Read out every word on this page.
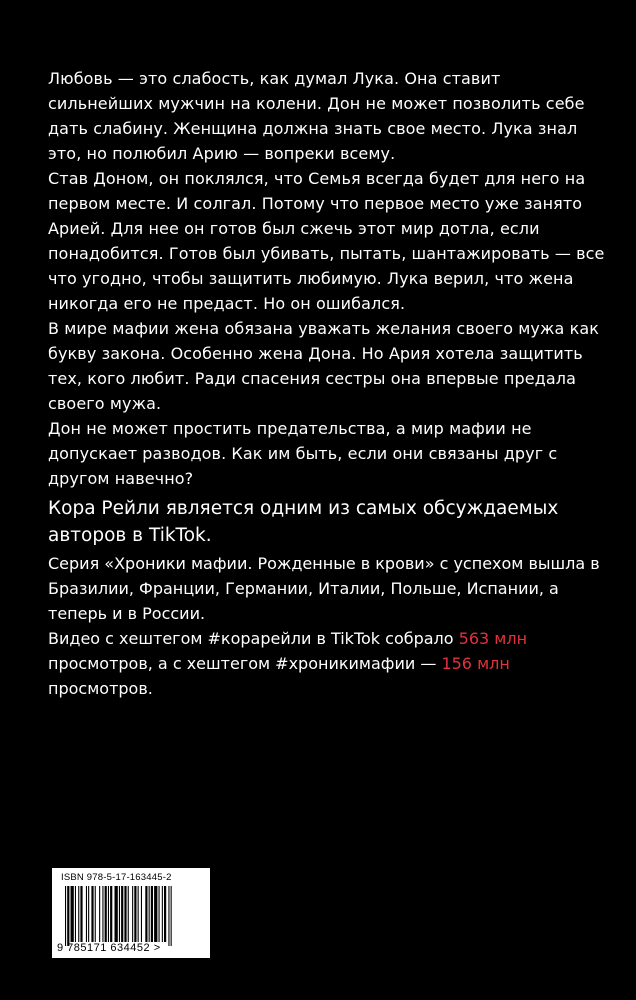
Любовь — это слабость, как думал Лука. Она ставит сильнейших мужчин на колени. Дон не может позволить себе дать слабину. Женщина должна знать свое место. Лука знал это, но полюбил Арию — вопреки всему.

Став Доном, он поклялся, что Семья всегда будет для него на первом месте. И солгал. Потому что первое место уже занято Арией. Для нее он готов был сжечь этот мир дотла, если понадобится. Готов был убивать, пытать, шантажировать — все что угодно, чтобы защитить любимую. Лука верил, что жена никогда его не предаст. Но он ошибался.

В мире мафии жена обязана уважать желания своего мужа как букву закона. Особенно жена Дона. Но Ария хотела защитить тех, кого любит. Ради спасения сестры она впервые предала своего мужа.

Дон не может простить предательства, а мир мафии не допускает разводов. Как им быть, если они связаны друг с другом навечно?

Кора Рейли является одним из самых обсуждаемых авторов в TikTok.

Серия «Хроники мафии. Рожденные в крови» с успехом вышла в Бразилии, Франции, Германии, Италии, Польше, Испании, а теперь и в России.

Видео с хештегом #корарейли в TikTok собрало 563 млн просмотров, а с хештегом #хроникимафии — 156 млн просмотров.

ISBN 978-5-17-163445-2
9 785171 634452 >
